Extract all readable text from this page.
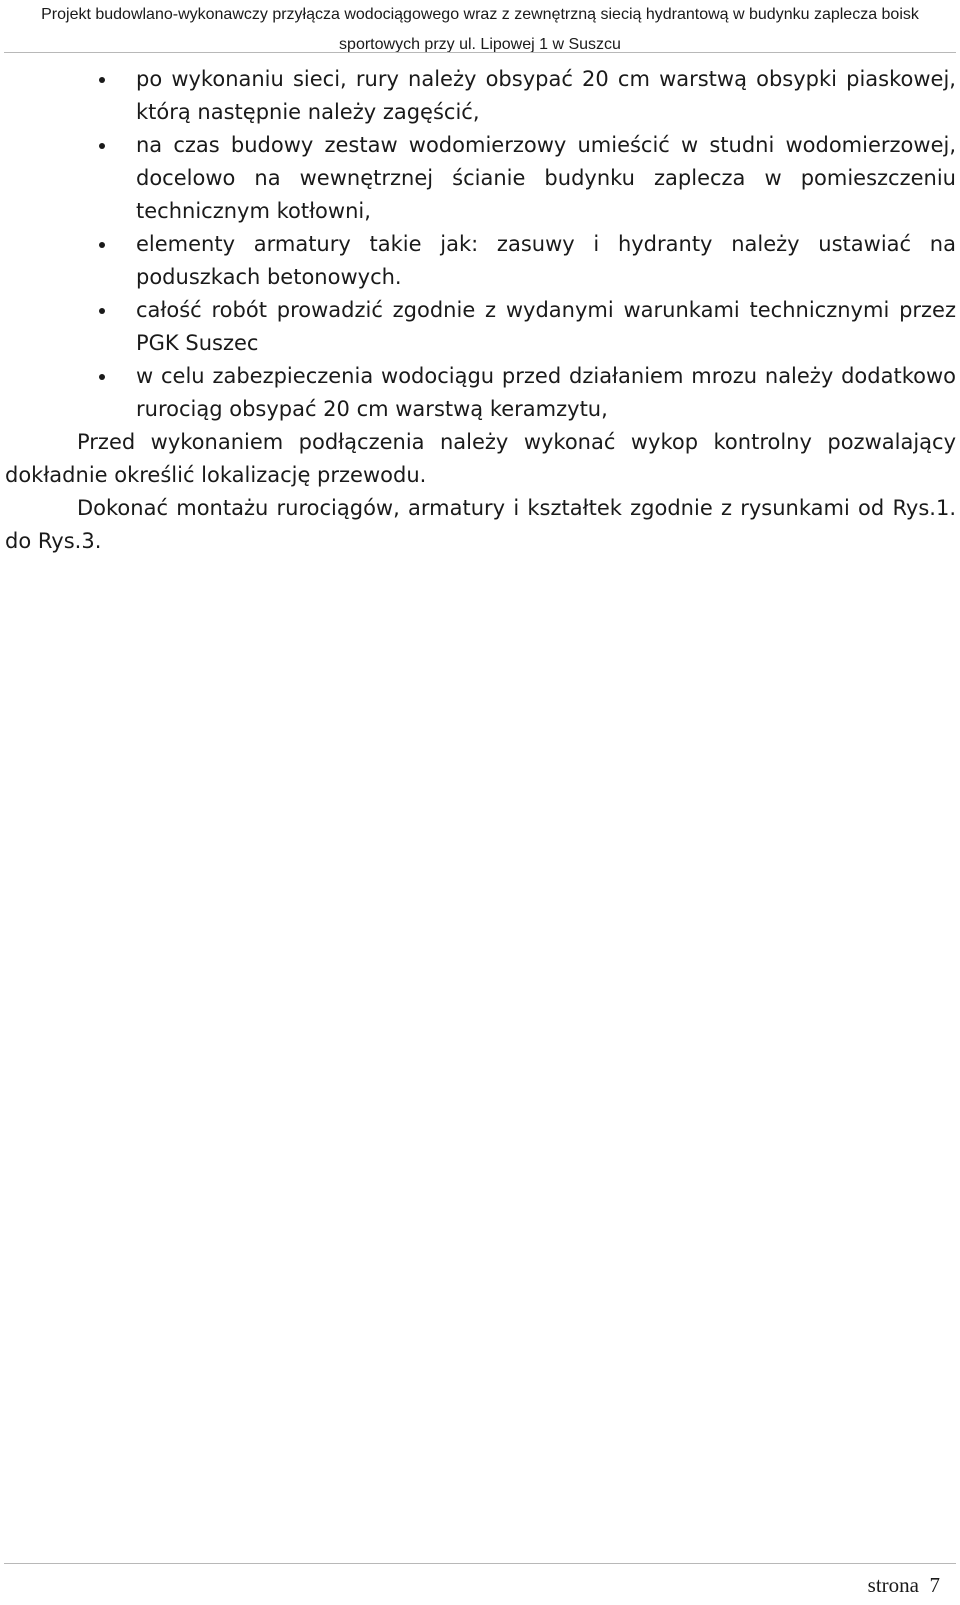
Projekt budowlano-wykonawczy przyłącza wodociągowego wraz z zewnętrzną siecią hydrantową w budynku zaplecza boisk
sportowych przy ul. Lipowej 1 w Suszcu
po wykonaniu sieci, rury należy obsypać 20 cm warstwą obsypki piaskowej, którą następnie należy zagęścić,
na czas budowy zestaw wodomierzowy umieścić w studni wodomierzowej, docelowo na wewnętrznej ścianie budynku zaplecza w pomieszczeniu technicznym kotłowni,
elementy armatury takie jak: zasuwy i hydranty należy ustawiać na poduszkach betonowych.
całość robót prowadzić zgodnie z wydanymi warunkami technicznymi przez PGK Suszec
w celu zabezpieczenia wodociągu przed działaniem mrozu należy dodatkowo rurociąg obsypać 20 cm warstwą keramzytu,

Przed wykonaniem podłączenia należy wykonać wykop kontrolny pozwalający dokładnie określić lokalizację przewodu.

Dokonać montażu rurociągów, armatury i kształtek zgodnie z rysunkami od Rys.1. do Rys.3.

strona  7
